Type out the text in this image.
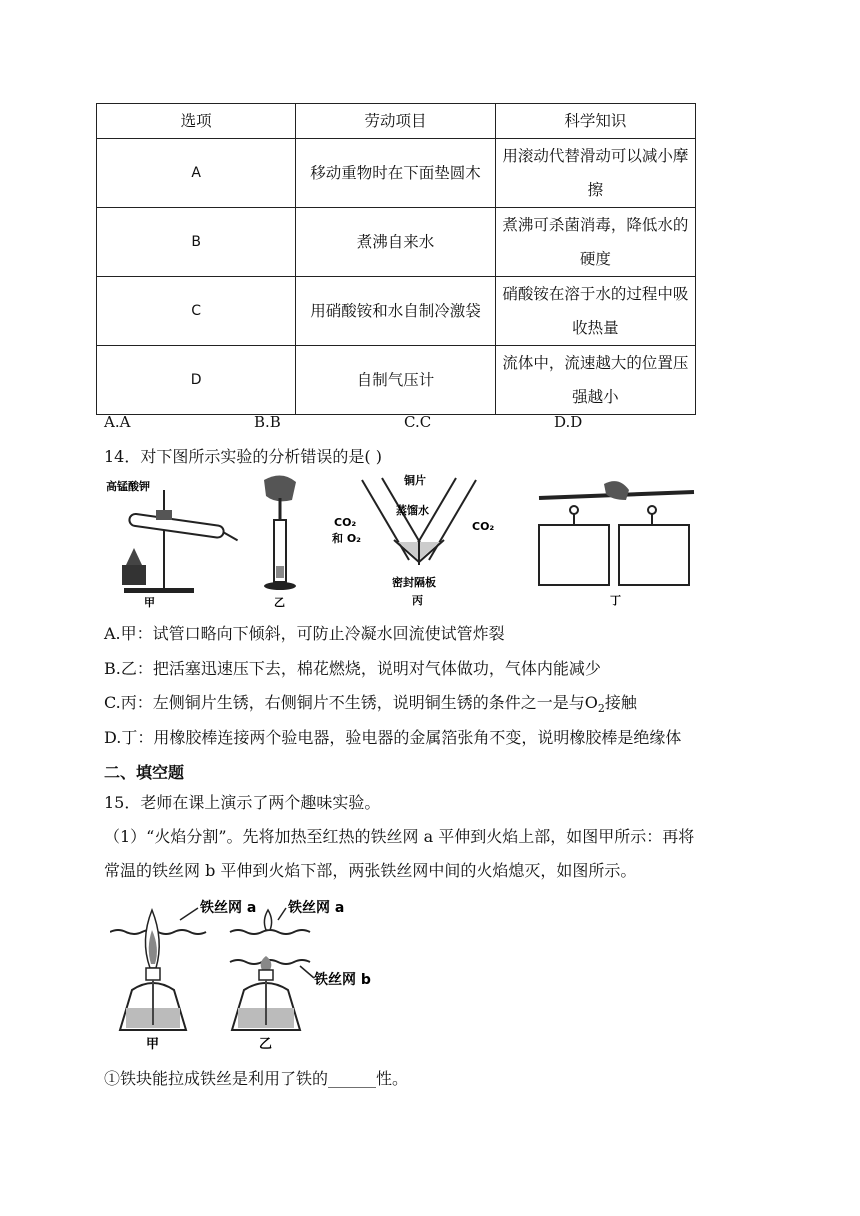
选项	劳动项目	科学知识
A	移动重物时在下面垫圆木	用滚动代替滑动可以减小摩擦
B	煮沸自来水	煮沸可杀菌消毒，降低水的硬度
C	用硝酸铵和水自制冷激袋	硝酸铵在溶于水的过程中吸收热量
D	自制气压计	流体中，流速越大的位置压强越小
A.A	B.B	C.C	D.D
14．对下图所示实验的分析错误的是( )
高锰酸钾
甲	乙
铜片
蒸馏水
CO₂
和 O₂
CO₂
密封隔板
丙	丁
A.甲：试管口略向下倾斜，可防止冷凝水回流使试管炸裂
B.乙：把活塞迅速压下去，棉花燃烧，说明对气体做功，气体内能减少
C.丙：左侧铜片生锈，右侧铜片不生锈，说明铜生锈的条件之一是与$O_2$接触
D.丁：用橡胶棒连接两个验电器，验电器的金属箔张角不变，说明橡胶棒是绝缘体
二、填空题
15．老师在课上演示了两个趣味实验。
（1）“火焰分割”。先将加热至红热的铁丝网 a 平伸到火焰上部，如图甲所示：再将
常温的铁丝网 b 平伸到火焰下部，两张铁丝网中间的火焰熄灭，如图所示。
铁丝网 a
甲
铁丝网 a
铁丝网 b
乙
①铁块能拉成铁丝是利用了铁的______性。
